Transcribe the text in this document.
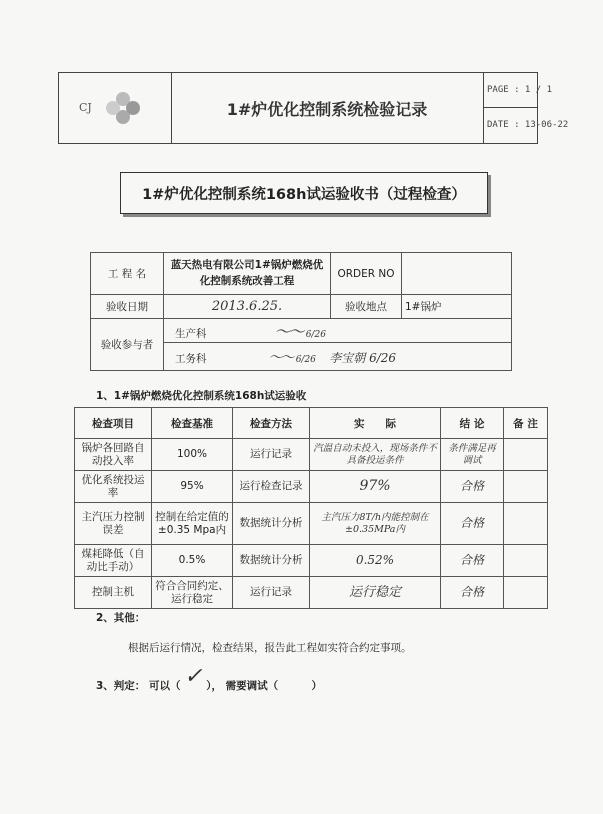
CJ	1#炉优化控制系统检验记录
PAGE : 1 / 1
DATE : 13-06-22
1#炉优化控制系统168h试运验收书（过程检查）
工 程 名	蓝天热电有限公司1#锅炉燃烧优化控制系统改善工程	ORDER NO	
验收日期	2013.6.25.	验收地点	1#锅炉
验收参与者	生产科 〜〜 6/26		
	工务科 〜〜 6/26 李宝朝 6/26		
1、1#锅炉燃烧优化控制系统168h试运验收
检查项目	检查基准	检查方法	实　　际	结 论	备 注
锅炉各回路自动投入率	100%	运行记录	汽温自动未投入，现场条件不具备投运条件	条件满足再调试	
优化系统投运率	95%	运行检查记录	97%	合格	
主汽压力控制误差	控制在给定值的±0.35 Mpa内	数据统计分析	主汽压力8T/h内能控制在±0.35MPa内	合格	
煤耗降低（自动比手动）	0.5%	数据统计分析	0.52%	合格	
控制主机	符合合同约定、运行稳定	运行记录	运行稳定	合格	
2、其他：
根据后运行情况，检查结果，报告此工程如实符合约定事项。
3、判定： 可以（ ✓ ）， 需要调试（	）
